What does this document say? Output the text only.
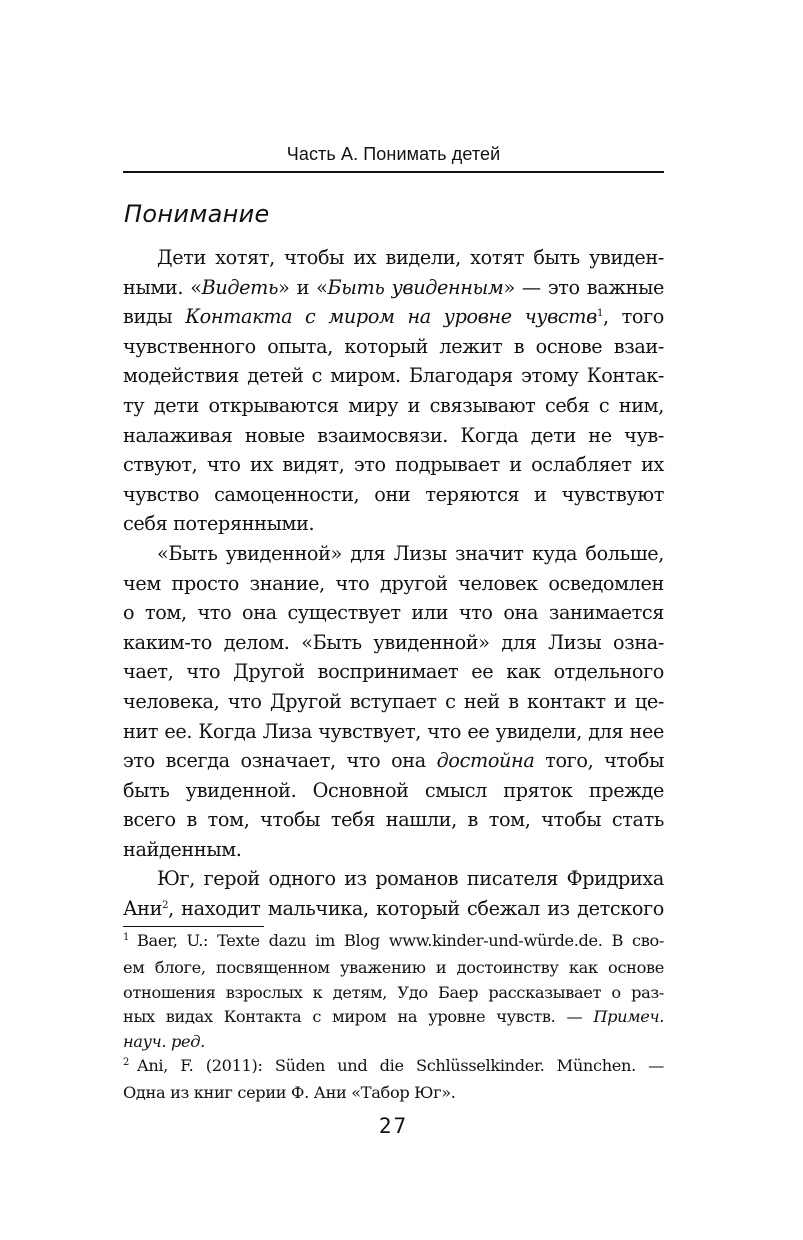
Часть А. Понимать детей
Понимание
Дети хотят, чтобы их видели, хотят быть увиден-
ными. «Видеть» и «Быть увиденным» — это важные
виды Контакта с миром на уровне чувств$^1$, того
чувственного опыта, который лежит в основе взаи-
модействия детей с миром. Благодаря этому Контак-
ту дети открываются миру и связывают себя с ним,
налаживая новые взаимосвязи. Когда дети не чув-
ствуют, что их видят, это подрывает и ослабляет их
чувство самоценности, они теряются и чувствуют
себя потерянными.
«Быть увиденной» для Лизы значит куда больше,
чем просто знание, что другой человек осведомлен
о том, что она существует или что она занимается
каким-то делом. «Быть увиденной» для Лизы озна-
чает, что Другой воспринимает ее как отдельного
человека, что Другой вступает с ней в контакт и це-
нит ее. Когда Лиза чувствует, что ее увидели, для нее
это всегда означает, что она достойна того, чтобы
быть увиденной. Основной смысл пряток прежде
всего в том, чтобы тебя нашли, в том, чтобы стать
найденным.
Юг, герой одного из романов писателя Фридриха
Ани$^2$, находит мальчика, который сбежал из детского
$^1$ Baer, U.: Texte dazu im Blog www.kinder-und-würde.de. В сво-
ем блоге, посвященном уважению и достоинству как основе
отношения взрослых к детям, Удо Баер рассказывает о раз-
ных видах Контакта с миром на уровне чувств. — Примеч.
науч. ред.
$^2$ Ani, F. (2011): Süden und die Schlüsselkinder. München. —
Одна из книг серии Ф. Ани «Табор Юг».
27
